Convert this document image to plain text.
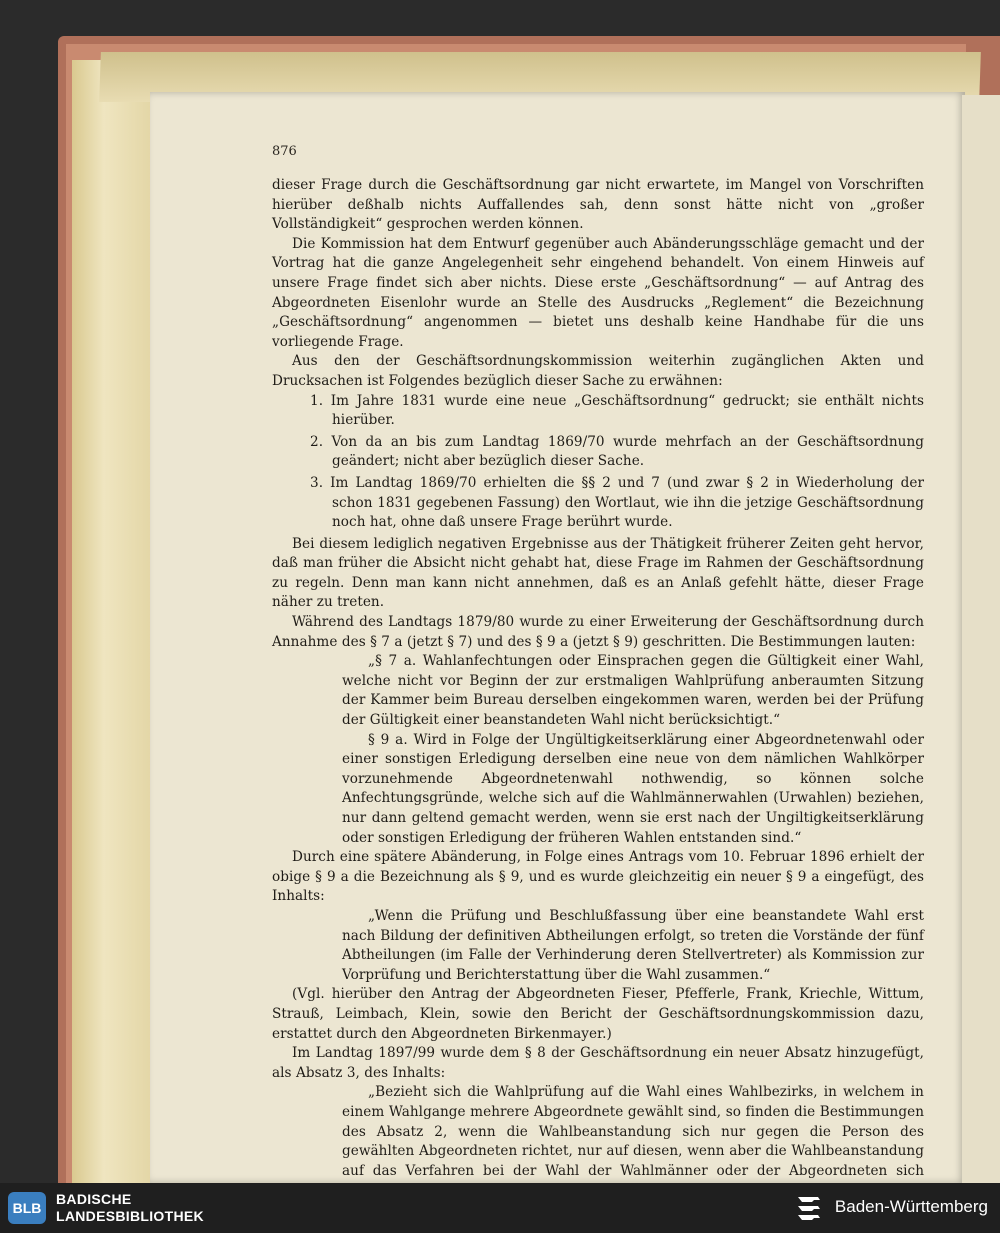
876

dieser Frage durch die Geschäftsordnung gar nicht erwartete, im Mangel von Vorschriften hierüber deßhalb nichts Auffallendes sah, denn sonst hätte nicht von „großer Vollständigkeit“ gesprochen werden können.

Die Kommission hat dem Entwurf gegenüber auch Abänderungsschläge gemacht und der Vortrag hat die ganze Angelegenheit sehr eingehend behandelt. Von einem Hinweis auf unsere Frage findet sich aber nichts. Diese erste „Geschäftsordnung“ — auf Antrag des Abgeordneten Eisenlohr wurde an Stelle des Ausdrucks „Reglement“ die Bezeichnung „Geschäftsordnung“ angenommen — bietet uns deshalb keine Handhabe für die uns vorliegende Frage.

Aus den der Geschäftsordnungskommission weiterhin zugänglichen Akten und Drucksachen ist Folgendes bezüglich dieser Sache zu erwähnen:

1. Im Jahre 1831 wurde eine neue „Geschäftsordnung“ gedruckt; sie enthält nichts hierüber.

2. Von da an bis zum Landtag 1869/70 wurde mehrfach an der Geschäftsordnung geändert; nicht aber bezüglich dieser Sache.

3. Im Landtag 1869/70 erhielten die §§ 2 und 7 (und zwar § 2 in Wiederholung der schon 1831 gegebenen Fassung) den Wortlaut, wie ihn die jetzige Geschäftsordnung noch hat, ohne daß unsere Frage berührt wurde.

Bei diesem lediglich negativen Ergebnisse aus der Thätigkeit früherer Zeiten geht hervor, daß man früher die Absicht nicht gehabt hat, diese Frage im Rahmen der Geschäftsordnung zu regeln. Denn man kann nicht annehmen, daß es an Anlaß gefehlt hätte, dieser Frage näher zu treten.

Während des Landtags 1879/80 wurde zu einer Erweiterung der Geschäftsordnung durch Annahme des § 7 a (jetzt § 7) und des § 9 a (jetzt § 9) geschritten. Die Bestimmungen lauten:

„§ 7 a. Wahlanfechtungen oder Einsprachen gegen die Gültigkeit einer Wahl, welche nicht vor Beginn der zur erstmaligen Wahlprüfung anberaumten Sitzung der Kammer beim Bureau derselben eingekommen waren, werden bei der Prüfung der Gültigkeit einer beanstandeten Wahl nicht berücksichtigt.“

§ 9 a. Wird in Folge der Ungültigkeitserklärung einer Abgeordnetenwahl oder einer sonstigen Erledigung derselben eine neue von dem nämlichen Wahlkörper vorzunehmende Abgeordnetenwahl nothwendig, so können solche Anfechtungsgründe, welche sich auf die Wahlmännerwahlen (Urwahlen) beziehen, nur dann geltend gemacht werden, wenn sie erst nach der Ungiltigkeitserklärung oder sonstigen Erledigung der früheren Wahlen entstanden sind.“

Durch eine spätere Abänderung, in Folge eines Antrags vom 10. Februar 1896 erhielt der obige § 9 a die Bezeichnung als § 9, und es wurde gleichzeitig ein neuer § 9 a eingefügt, des Inhalts:

„Wenn die Prüfung und Beschlußfassung über eine beanstandete Wahl erst nach Bildung der definitiven Abtheilungen erfolgt, so treten die Vorstände der fünf Abtheilungen (im Falle der Verhinderung deren Stellvertreter) als Kommission zur Vorprüfung und Berichterstattung über die Wahl zusammen.“

(Vgl. hierüber den Antrag der Abgeordneten Fieser, Pfefferle, Frank, Kriechle, Wittum, Strauß, Leimbach, Klein, sowie den Bericht der Geschäftsordnungskommission dazu, erstattet durch den Abgeordneten Birkenmayer.)

Im Landtag 1897/99 wurde dem § 8 der Geschäftsordnung ein neuer Absatz hinzugefügt, als Absatz 3, des Inhalts:

„Bezieht sich die Wahlprüfung auf die Wahl eines Wahlbezirks, in welchem in einem Wahlgange mehrere Abgeordnete gewählt sind, so finden die Bestimmungen des Absatz 2, wenn die Wahlbeanstandung sich nur gegen die Person des gewählten Abgeordneten richtet, nur auf diesen, wenn aber die Wahlbeanstandung auf das Verfahren bei der Wahl der Wahlmänner oder der Abgeordneten sich

BLB
BADISCHE
LANDESBIBLIOTHEK	Baden-Württemberg
